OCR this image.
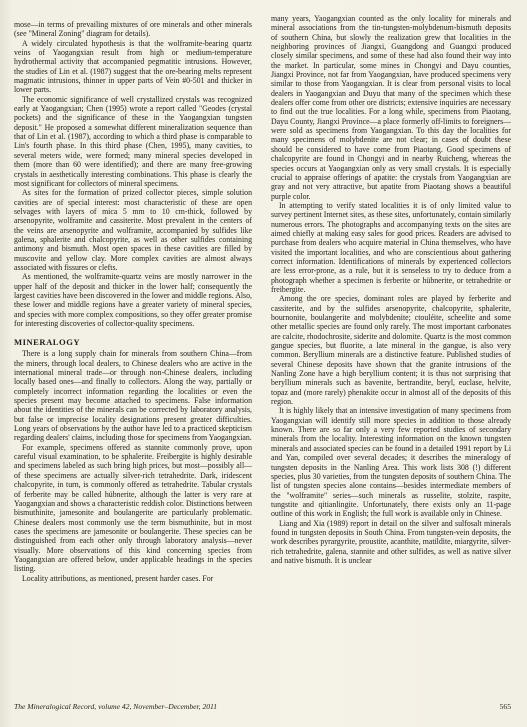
mose—in terms of prevailing mixtures of ore minerals and other minerals (see "Mineral Zoning" diagram for details).

A widely circulated hypothesis is that the wolframite-bearing quartz veins of Yaogangxian result from high or medium-temperature hydrothermal activity that accompanied pegmatitic intrusions. However, the studies of Lin et al. (1987) suggest that the ore-bearing melts represent magmatic intrusions, thinner in upper parts of Vein #0-501 and thicker in lower parts.

The economic significance of well crystallized crystals was recognized early at Yaogangxian; Chen (1995) wrote a report called "Geodes (crystal pockets) and the significance of these in the Yaogangxian tungsten deposit." He proposed a somewhat different mineralization sequence than that of Lin et al. (1987), according to which a third phase is comparable to Lin's fourth phase. In this third phase (Chen, 1995), many cavities, to several meters wide, were formed; many mineral species developed in them (more than 60 were identified); and there are many free-growing crystals in aesthetically interesting combinations. This phase is clearly the most significant for collectors of mineral specimens.

As sites for the formation of prized collector pieces, simple solution cavities are of special interest: most characteristic of these are open selvages with layers of mica 5 mm to 10 cm-thick, followed by arsenopyrite, wolframite and cassiterite. Most prevalent in the centers of the veins are arsenopyrite and wolframite, accompanied by sulfides like galena, sphalerite and chalcopyrite, as well as other sulfides containing antimony and bismuth. Most open spaces in these cavities are filled by muscovite and yellow clay. More complex cavities are almost always associated with fissures or clefts.

As mentioned, the wolframite-quartz veins are mostly narrower in the upper half of the deposit and thicker in the lower half; consequently the largest cavities have been discovered in the lower and middle regions. Also, these lower and middle regions have a greater variety of mineral species, and species with more complex compositions, so they offer greater promise for interesting discoveries of collector-quality specimens.

MINERALOGY

There is a long supply chain for minerals from southern China—from the miners, through local dealers, to Chinese dealers who are active in the international mineral trade—or through non-Chinese dealers, including locally based ones—and finally to collectors. Along the way, partially or completely incorrect information regarding the localities or even the species present may become attached to specimens. False information about the identities of the minerals can be corrected by laboratory analysis, but false or imprecise locality designations present greater difficulties. Long years of observations by the author have led to a practiced skepticism regarding dealers' claims, including those for specimens from Yaogangxian.

For example, specimens offered as stannite commonly prove, upon careful visual examination, to be sphalerite. Freibergite is highly desirable and specimens labeled as such bring high prices, but most—possibly all—of these specimens are actually silver-rich tetrahedrite. Dark, iridescent chalcopyrite, in turn, is commonly offered as tetrahedrite. Tabular crystals of ferberite may be called hübnerite, although the latter is very rare at Yaogangxian and shows a characteristic reddish color. Distinctions between bismuthinite, jamesonite and boulangerite are particularly problematic. Chinese dealers most commonly use the term bismuthinite, but in most cases the specimens are jamesonite or boulangerite. These species can be distinguished from each other only through laboratory analysis—never visually. More observations of this kind concerning species from Yaogangxian are offered below, under applicable headings in the species listing.

Locality attributions, as mentioned, present harder cases. For

many years, Yaogangxian counted as the only locality for minerals and mineral associations from the tin-tungsten-molybdenum-bismuth deposits of southern China, but slowly the realization grew that localities in the neighboring provinces of Jiangxi, Guangdong and Guangxi produced closely similar specimens, and some of these had also found their way into the market. In particular, some mines in Chongyi and Dayu counties, Jiangxi Province, not far from Yaogangxian, have produced specimens very similar to those from Yaogangxian. It is clear from personal visits to local dealers in Yaogangxian and Duyu that many of the specimen which these dealers offer come from other ore districts; extensive inquiries are necessary to find out the true localities. For a long while, specimens from Piaotang, Dayu County, Jiangxi Province—a place formerly off-limits to foreigners—were sold as specimens from Yaogangxian. To this day the localities for many specimens of molybdenite are not clear; in cases of doubt these should be considered to have come from Piaotang. Good specimens of chalcopyrite are found in Chongyi and in nearby Ruicheng, whereas the species occurs at Yaogangxian only as very small crystals. It is especially crucial to appraise offerings of apatite: the crystals from Yaogangxian are gray and not very attractive, but apatite from Piaotang shows a beautiful purple color.

In attempting to verify stated localities it is of only limited value to survey pertinent Internet sites, as these sites, unfortunately, contain similarly numerous errors. The photographs and accompanying texts on the sites are aimed chiefly at making easy sales for good prices. Readers are advised to purchase from dealers who acquire material in China themselves, who have visited the important localities, and who are conscientious about gathering correct information. Identifications of minerals by experienced collectors are less error-prone, as a rule, but it is senseless to try to deduce from a photograph whether a specimen is ferberite or hübnerite, or tetrahedrite or freibergite.

Among the ore species, dominant roles are played by ferberite and cassiterite, and by the sulfides arsenopyrite, chalcopyrite, sphalerite, bournonite, boulangerite and molybdenite; ctouléite, scheelite and some other metallic species are found only rarely. The most important carbonates are calcite, rhodochrosite, siderite and dolomite. Quartz is the most common gangue species, but fluorite, a late mineral in the gangue, is also very common. Beryllium minerals are a distinctive feature. Published studies of several Chinese deposits have shown that the granite intrusions of the Nanling Zone have a high beryllium content; it is thus not surprising that beryllium minerals such as bavenite, bertrandite, beryl, euclase, helvite, topaz and (more rarely) phenakite occur in almost all of the deposits of this region.

It is highly likely that an intensive investigation of many specimens from Yaogangxian will identify still more species in addition to those already known. There are so far only a very few reported studies of secondary minerals from the locality. Interesting information on the known tungsten minerals and associated species can be found in a detailed 1991 report by Li and Yan, compiled over several decades; it describes the mineralogy of tungsten deposits in the Nanling Area. This work lists 308 (!) different species, plus 30 varieties, from the tungsten deposits of southern China. The list of tungsten species alone contains—besides intermediate members of the "wolframite" series—such minerals as russelite, stolzite, raspite, tungstite and qitianlingite. Unfortunately, there exists only an 11-page outline of this work in English; the full work is available only in Chinese.

Liang and Xia (1989) report in detail on the silver and sulfosalt minerals found in tungsten deposits in South China. From tungsten-vein deposits, the work describes pyrargyrite, proustite, acanthite, matildite, miargyrite, silver-rich tetrahedrite, galena, stannite and other sulfides, as well as native silver and native bismuth. It is unclear

The Mineralogical Record, volume 42, November–December, 2011	565
